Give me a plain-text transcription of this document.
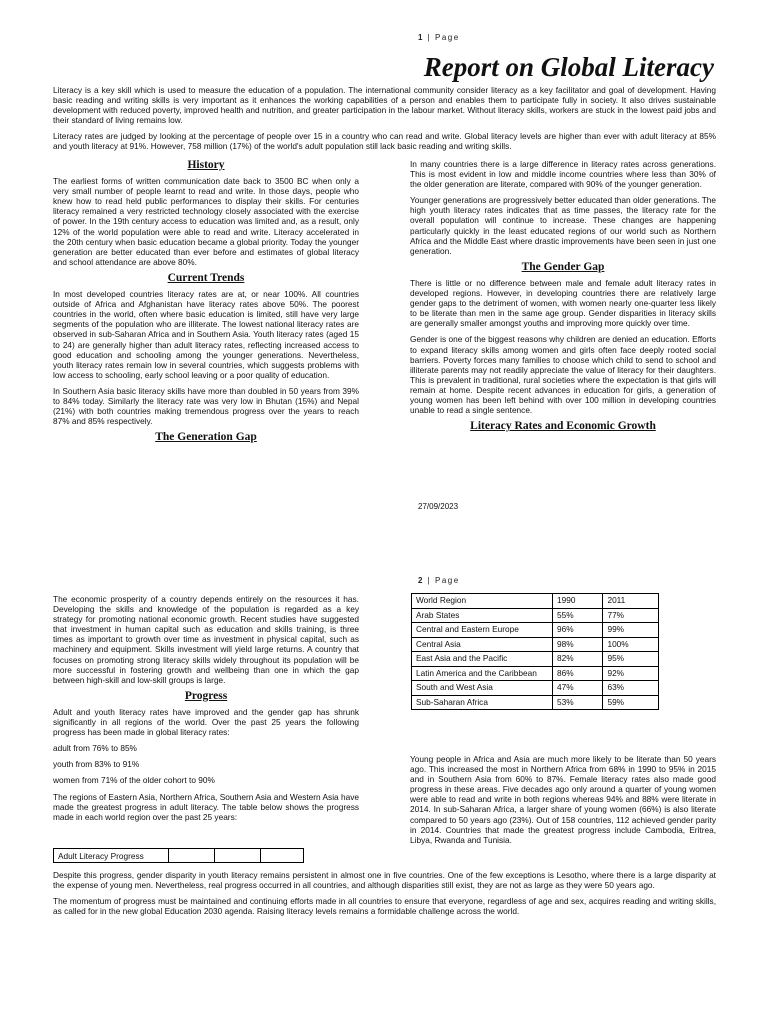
1 | Page
Report on Global Literacy

Literacy is a key skill which is used to measure the education of a population. The international community consider literacy as a key facilitator and goal of development. Having basic reading and writing skills is very important as it enhances the working capabilities of a person and enables them to participate fully in society. It also drives sustainable development with reduced poverty, improved health and nutrition, and greater participation in the labour market. Without literacy skills, workers are stuck in the lowest paid jobs and their standard of living remains low.

Literacy rates are judged by looking at the percentage of people over 15 in a country who can read and write. Global literacy levels are higher than ever with adult literacy at 85% and youth literacy at 91%. However, 758 million (17%) of the world's adult population still lack basic reading and writing skills.

History

The earliest forms of written communication date back to 3500 BC when only a very small number of people learnt to read and write. In those days, people who knew how to read held public performances to display their skills. For centuries literacy remained a very restricted technology closely associated with the exercise of power. In the 19th century access to education was limited and, as a result, only 12% of the world population were able to read and write. Literacy accelerated in the 20th century when basic education became a global priority. Today the younger generation are better educated than ever before and estimates of global literacy and school attendance are above 80%.

Current Trends

In most developed countries literacy rates are at, or near 100%. All countries outside of Africa and Afghanistan have literacy rates above 50%. The poorest countries in the world, often where basic education is limited, still have very large segments of the population who are illiterate. The lowest national literacy rates are observed in sub-Saharan Africa and in Southern Asia. Youth literacy rates (aged 15 to 24) are generally higher than adult literacy rates, reflecting increased access to good education and schooling among the younger generations. Nevertheless, youth literacy rates remain low in several countries, which suggests problems with low access to schooling, early school leaving or a poor quality of education.

In Southern Asia basic literacy skills have more than doubled in 50 years from 39% to 84% today. Similarly the literacy rate was very low in Bhutan (15%) and Nepal (21%) with both countries making tremendous progress over the years to reach 87% and 85% respectively.

The Generation Gap

In many countries there is a large difference in literacy rates across generations. This is most evident in low and middle income countries where less than 30% of the older generation are literate, compared with 90% of the younger generation.

Younger generations are progressively better educated than older generations. The high youth literacy rates indicates that as time passes, the literacy rate for the overall population will continue to increase. These changes are happening particularly quickly in the least educated regions of our world such as Northern Africa and the Middle East where drastic improvements have been seen in just one generation.

The Gender Gap

There is little or no difference between male and female adult literacy rates in developed regions. However, in developing countries there are relatively large gender gaps to the detriment of women, with women nearly one-quarter less likely to be literate than men in the same age group. Gender disparities in literacy skills are generally smaller amongst youths and improving more quickly over time.

Gender is one of the biggest reasons why children are denied an education. Efforts to expand literacy skills among women and girls often face deeply rooted social barriers. Poverty forces many families to choose which child to send to school and illiterate parents may not readily appreciate the value of literacy for their daughters. This is prevalent in traditional, rural societies where the expectation is that girls will remain at home. Despite recent advances in education for girls, a generation of young women has been left behind with over 100 million in developing countries unable to read a single sentence.

Literacy Rates and Economic Growth
27/09/2023
2 | Page

The economic prosperity of a country depends entirely on the resources it has. Developing the skills and knowledge of the population is regarded as a key strategy for promoting national economic growth. Recent studies have suggested that investment in human capital such as education and skills training, is three times as important to growth over time as investment in physical capital, such as machinery and equipment. Skills investment will yield large returns. A country that focuses on promoting strong literacy skills widely throughout its population will be more successful in fostering growth and wellbeing than one in which the gap between high-skill and low-skill groups is large.

Progress

Adult and youth literacy rates have improved and the gender gap has shrunk significantly in all regions of the world. Over the past 25 years the following progress has been made in global literacy rates:

adult from 76% to 85%

youth from 83% to 91%

women from 71% of the older cohort to 90%

The regions of Eastern Asia, Northern Africa, Southern Asia and Western Asia have made the greatest progress in adult literacy. The table below shows the progress made in each world region over the past 25 years:

Adult Literacy Progress			
World Region	1990	2011
Arab States	55%	77%
Central and Eastern Europe	96%	99%
Central Asia	98%	100%
East Asia and the Pacific	82%	95%
Latin America and the Caribbean	86%	92%
South and West Asia	47%	63%
Sub-Saharan Africa	53%	59%

Young people in Africa and Asia are much more likely to be literate than 50 years ago. This increased the most in Northern Africa from 68% in 1990 to 95% in 2015 and in Southern Asia from 60% to 87%. Female literacy rates also made good progress in these areas. Five decades ago only around a quarter of young women were able to read and write in both regions whereas 94% and 88% were literate in 2014. In sub-Saharan Africa, a larger share of young women (66%) is also literate compared to 50 years ago (23%). Out of 158 countries, 112 achieved gender parity in 2014. Countries that made the greatest progress include Cambodia, Eritrea, Libya, Rwanda and Tunisia.

Despite this progress, gender disparity in youth literacy remains persistent in almost one in five countries. One of the few exceptions is Lesotho, where there is a large disparity at the expense of young men. Nevertheless, real progress occurred in all countries, and although disparities still exist, they are not as large as they were 50 years ago.

The momentum of progress must be maintained and continuing efforts made in all countries to ensure that everyone, regardless of age and sex, acquires reading and writing skills, as called for in the new global Education 2030 agenda. Raising literacy levels remains a formidable challenge across the world.
